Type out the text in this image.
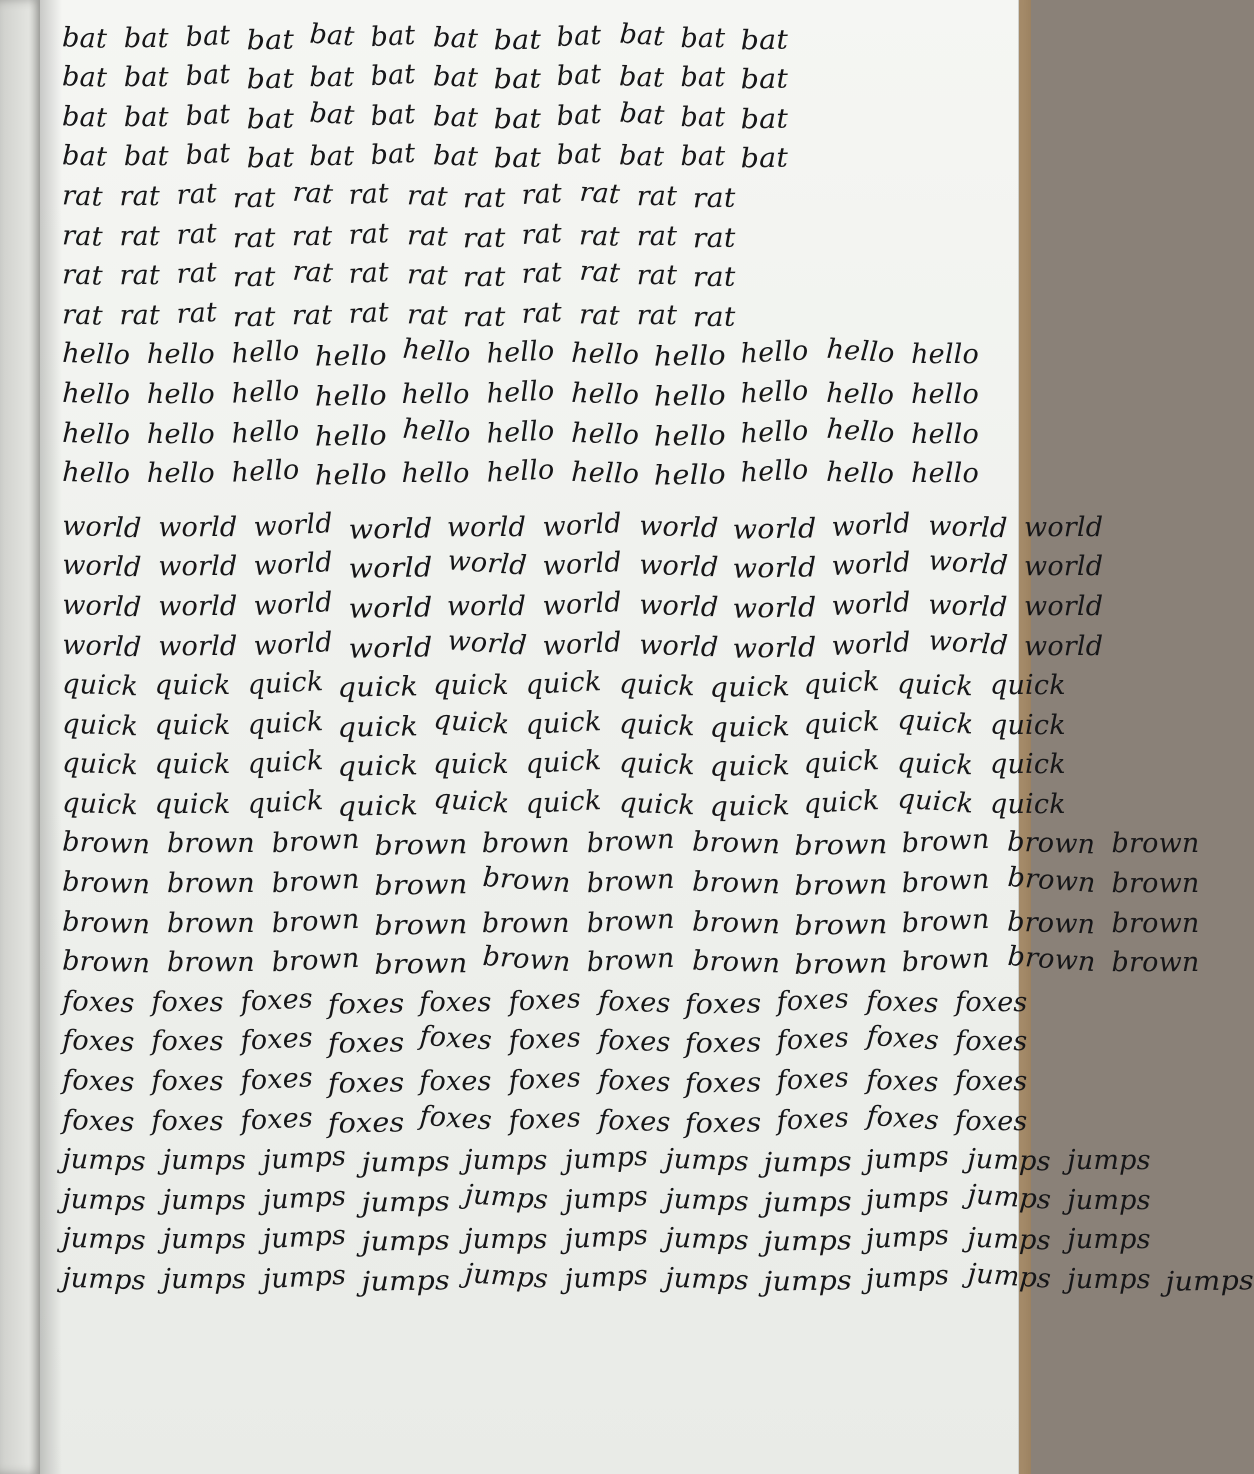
bat bat bat bat bat bat bat bat bat bat bat bat
bat bat bat bat bat bat bat bat bat bat bat bat
bat bat bat bat bat bat bat bat bat bat bat bat
bat bat bat bat bat bat bat bat bat bat bat bat
rat rat rat rat rat rat rat rat rat rat rat rat
rat rat rat rat rat rat rat rat rat rat rat rat
rat rat rat rat rat rat rat rat rat rat rat rat
rat rat rat rat rat rat rat rat rat rat rat rat
hello hello hello hello hello hello hello hello hello hello hello
hello hello hello hello hello hello hello hello hello hello hello
hello hello hello hello hello hello hello hello hello hello hello
hello hello hello hello hello hello hello hello hello hello hello
world world world world world world world world world world world
world world world world world world world world world world world
world world world world world world world world world world world
world world world world world world world world world world world
quick quick quick quick quick quick quick quick quick quick quick
quick quick quick quick quick quick quick quick quick quick quick
quick quick quick quick quick quick quick quick quick quick quick
quick quick quick quick quick quick quick quick quick quick quick
brown brown brown brown brown brown brown brown brown brown brown
brown brown brown brown brown brown brown brown brown brown brown
brown brown brown brown brown brown brown brown brown brown brown
brown brown brown brown brown brown brown brown brown brown brown
foxes foxes foxes foxes foxes foxes foxes foxes foxes foxes foxes
foxes foxes foxes foxes foxes foxes foxes foxes foxes foxes foxes
foxes foxes foxes foxes foxes foxes foxes foxes foxes foxes foxes
foxes foxes foxes foxes foxes foxes foxes foxes foxes foxes foxes
jumps jumps jumps jumps jumps jumps jumps jumps jumps jumps jumps
jumps jumps jumps jumps jumps jumps jumps jumps jumps jumps jumps
jumps jumps jumps jumps jumps jumps jumps jumps jumps jumps jumps
jumps jumps jumps jumps jumps jumps jumps jumps jumps jumps jumps jumps
